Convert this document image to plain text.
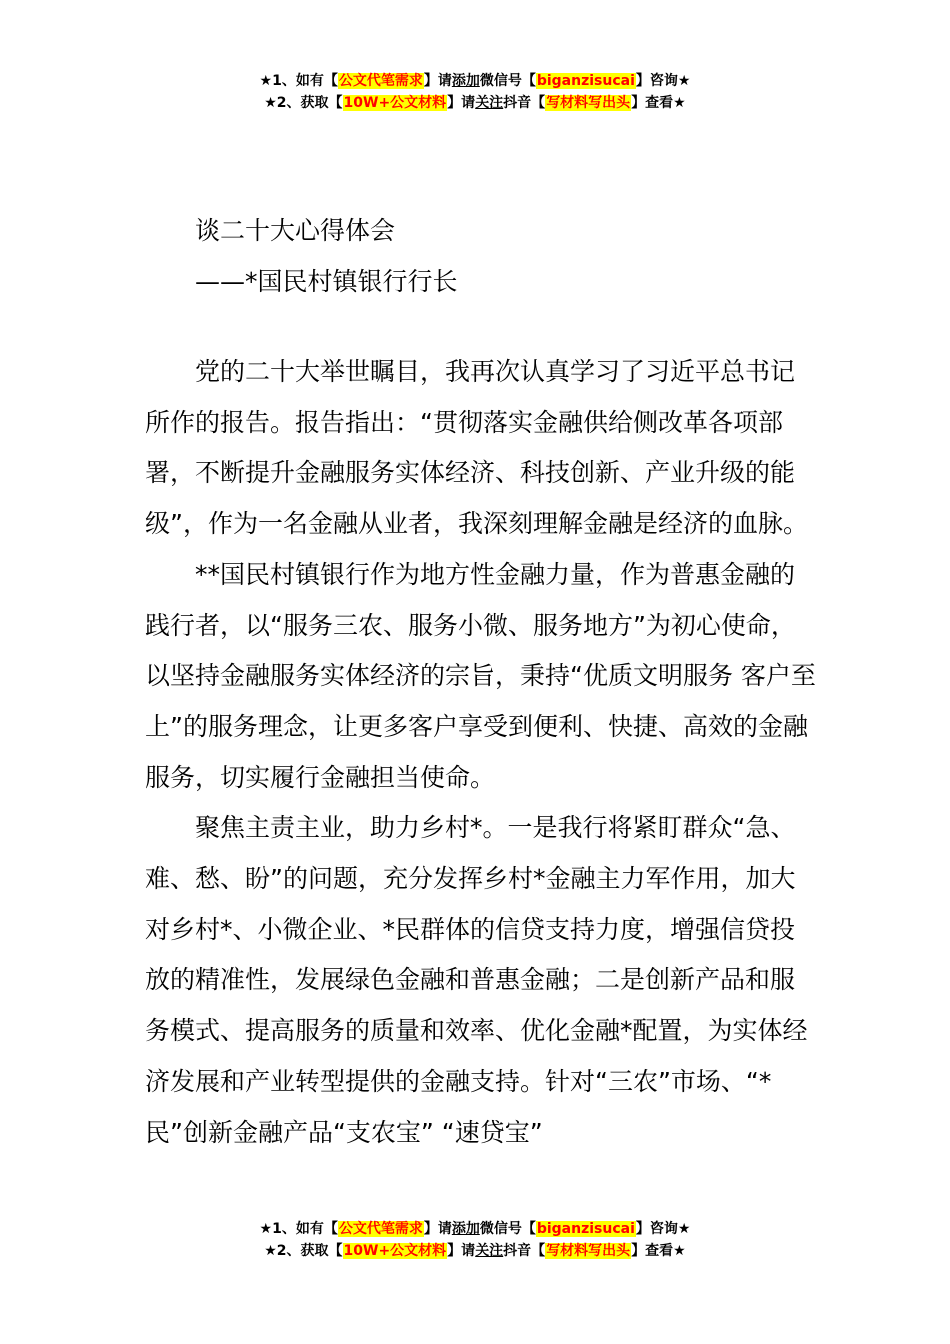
★1、如有【公文代笔需求】请添加微信号【biganzisucai】咨询★
★2、获取【10W+公文材料】请关注抖音【写材料写出头】查看★
谈二十大心得体会
——*国民村镇银行行长

党的二十大举世瞩目，我再次认真学习了习近平总书记所作的报告。报告指出：“贯彻落实金融供给侧改革各项部署，不断提升金融服务实体经济、科技创新、产业升级的能级”，作为一名金融从业者，我深刻理解金融是经济的血脉。

**国民村镇银行作为地方性金融力量，作为普惠金融的践行者，以“服务三农、服务小微、服务地方”为初心使命，以坚持金融服务实体经济的宗旨，秉持“优质文明服务 客户至上”的服务理念，让更多客户享受到便利、快捷、高效的金融服务，切实履行金融担当使命。

聚焦主责主业，助力乡村*。一是我行将紧盯群众“急、难、愁、盼”的问题，充分发挥乡村*金融主力军作用，加大对乡村*、小微企业、*民群体的信贷支持力度，增强信贷投放的精准性，发展绿色金融和普惠金融；二是创新产品和服务模式、提高服务的质量和效率、优化金融*配置，为实体经济发展和产业转型提供的金融支持。针对“三农”市场、“*民”创新金融产品“支农宝” “速贷宝”

★1、如有【公文代笔需求】请添加微信号【biganzisucai】咨询★
★2、获取【10W+公文材料】请关注抖音【写材料写出头】查看★
